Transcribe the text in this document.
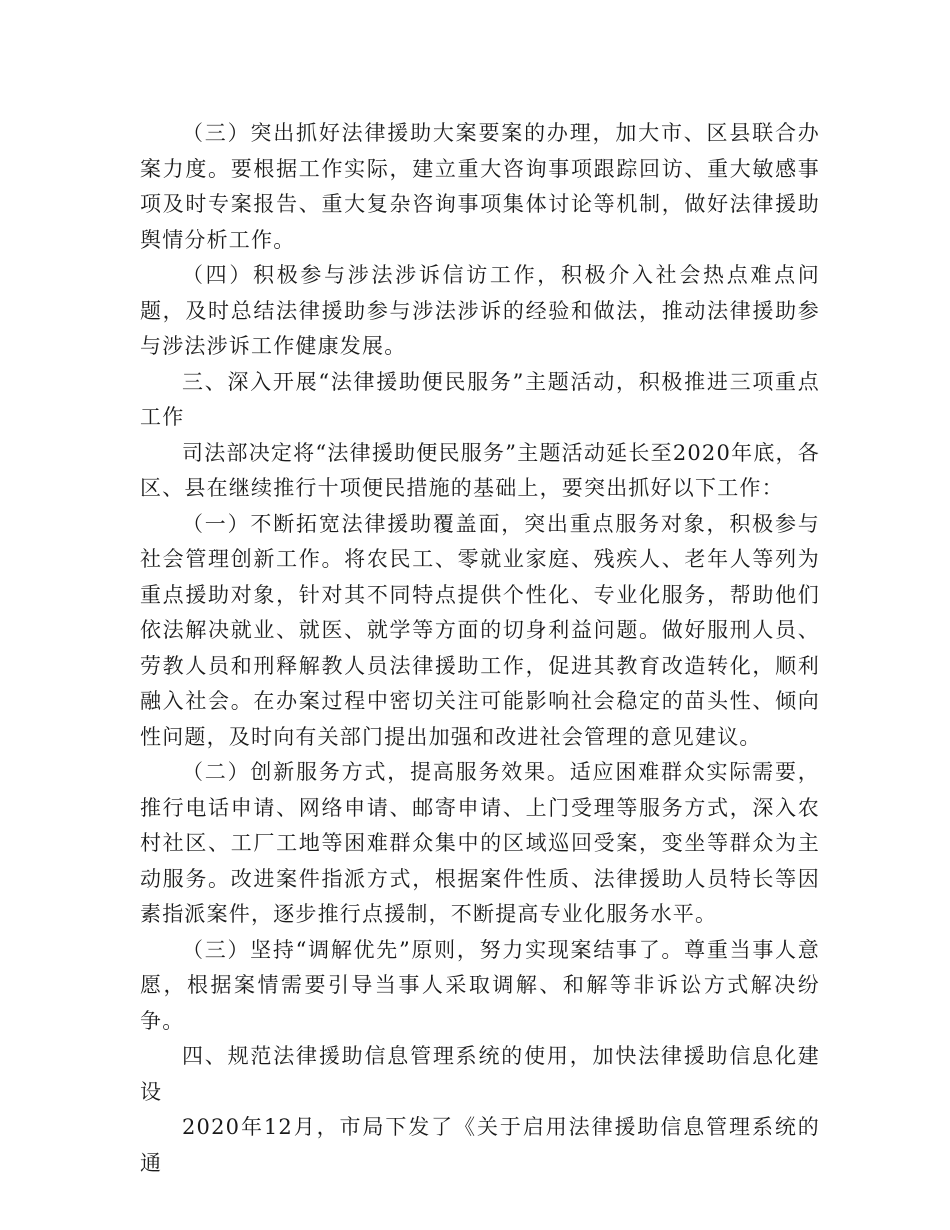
（三）突出抓好法律援助大案要案的办理，加大市、区县联合办案力度。要根据工作实际，建立重大咨询事项跟踪回访、重大敏感事项及时专案报告、重大复杂咨询事项集体讨论等机制，做好法律援助舆情分析工作。

（四）积极参与涉法涉诉信访工作，积极介入社会热点难点问题，及时总结法律援助参与涉法涉诉的经验和做法，推动法律援助参与涉法涉诉工作健康发展。

三、深入开展“法律援助便民服务”主题活动，积极推进三项重点工作

司法部决定将“法律援助便民服务”主题活动延长至2020年底，各区、县在继续推行十项便民措施的基础上，要突出抓好以下工作：

（一）不断拓宽法律援助覆盖面，突出重点服务对象，积极参与社会管理创新工作。将农民工、零就业家庭、残疾人、老年人等列为重点援助对象，针对其不同特点提供个性化、专业化服务，帮助他们依法解决就业、就医、就学等方面的切身利益问题。做好服刑人员、劳教人员和刑释解教人员法律援助工作，促进其教育改造转化，顺利融入社会。在办案过程中密切关注可能影响社会稳定的苗头性、倾向性问题，及时向有关部门提出加强和改进社会管理的意见建议。

（二）创新服务方式，提高服务效果。适应困难群众实际需要，推行电话申请、网络申请、邮寄申请、上门受理等服务方式，深入农村社区、工厂工地等困难群众集中的区域巡回受案，变坐等群众为主动服务。改进案件指派方式，根据案件性质、法律援助人员特长等因素指派案件，逐步推行点援制，不断提高专业化服务水平。

（三）坚持“调解优先”原则，努力实现案结事了。尊重当事人意愿，根据案情需要引导当事人采取调解、和解等非诉讼方式解决纷争。

四、规范法律援助信息管理系统的使用，加快法律援助信息化建设

2020年12月，市局下发了《关于启用法律援助信息管理系统的通
